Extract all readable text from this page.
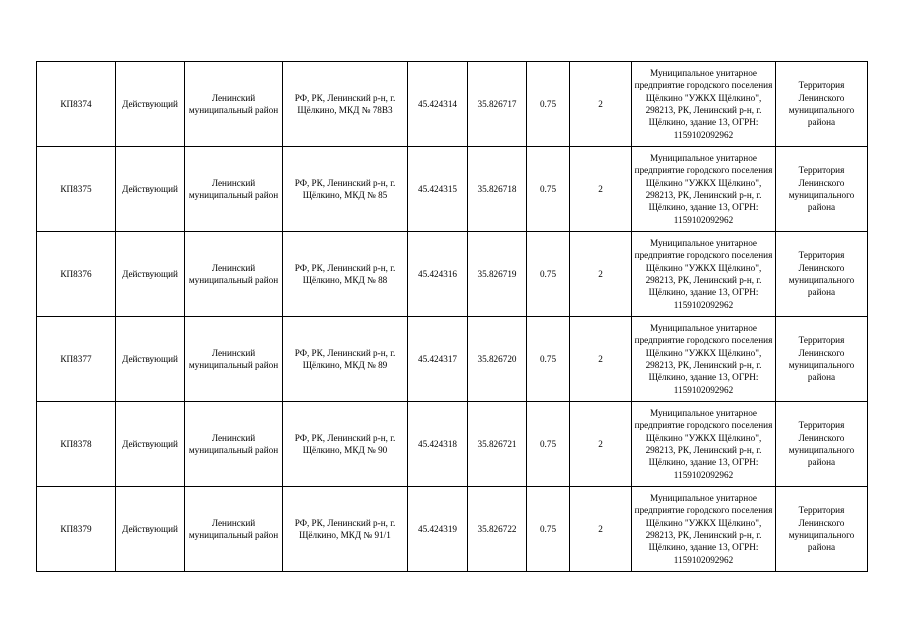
КП8374	Действующий	Ленинский муниципальный район	РФ, РК, Ленинский р-н, г. Щёлкино, МКД № 78В3	45.424314	35.826717	0.75	2	Муниципальное унитарное предприятие городского поселения Щёлкино "УЖКХ Щёлкино", 298213, РК, Ленинский р-н, г. Щёлкино, здание 13, ОГРН: 1159102092962	Территория Ленинского муниципального района
КП8375	Действующий	Ленинский муниципальный район	РФ, РК, Ленинский р-н, г. Щёлкино, МКД № 85	45.424315	35.826718	0.75	2	Муниципальное унитарное предприятие городского поселения Щёлкино "УЖКХ Щёлкино", 298213, РК, Ленинский р-н, г. Щёлкино, здание 13, ОГРН: 1159102092962	Территория Ленинского муниципального района
КП8376	Действующий	Ленинский муниципальный район	РФ, РК, Ленинский р-н, г. Щёлкино, МКД № 88	45.424316	35.826719	0.75	2	Муниципальное унитарное предприятие городского поселения Щёлкино "УЖКХ Щёлкино", 298213, РК, Ленинский р-н, г. Щёлкино, здание 13, ОГРН: 1159102092962	Территория Ленинского муниципального района
КП8377	Действующий	Ленинский муниципальный район	РФ, РК, Ленинский р-н, г. Щёлкино, МКД № 89	45.424317	35.826720	0.75	2	Муниципальное унитарное предприятие городского поселения Щёлкино "УЖКХ Щёлкино", 298213, РК, Ленинский р-н, г. Щёлкино, здание 13, ОГРН: 1159102092962	Территория Ленинского муниципального района
КП8378	Действующий	Ленинский муниципальный район	РФ, РК, Ленинский р-н, г. Щёлкино, МКД № 90	45.424318	35.826721	0.75	2	Муниципальное унитарное предприятие городского поселения Щёлкино "УЖКХ Щёлкино", 298213, РК, Ленинский р-н, г. Щёлкино, здание 13, ОГРН: 1159102092962	Территория Ленинского муниципального района
КП8379	Действующий	Ленинский муниципальный район	РФ, РК, Ленинский р-н, г. Щёлкино, МКД № 91/1	45.424319	35.826722	0.75	2	Муниципальное унитарное предприятие городского поселения Щёлкино "УЖКХ Щёлкино", 298213, РК, Ленинский р-н, г. Щёлкино, здание 13, ОГРН: 1159102092962	Территория Ленинского муниципального района
